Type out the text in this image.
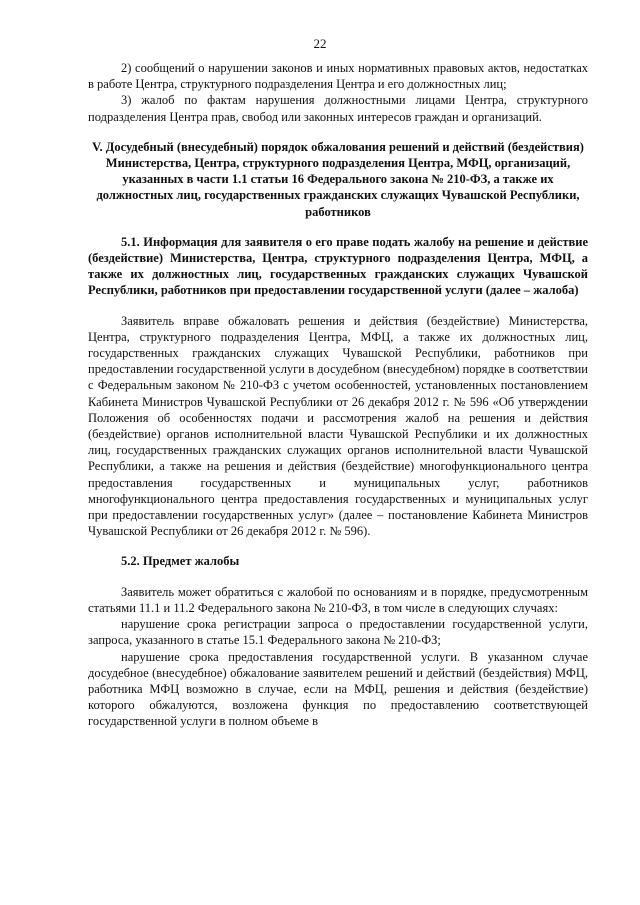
22

2) сообщений о нарушении законов и иных нормативных правовых актов, недостатках в работе Центра, структурного подразделения Центра и его должностных лиц;

3) жалоб по фактам нарушения должностными лицами Центра, структурного подразделения Центра прав, свобод или законных интересов граждан и организаций.

V. Досудебный (внесудебный) порядок обжалования решений и действий (бездействия) Министерства, Центра, структурного подразделения Центра, МФЦ, организаций, указанных в части 1.1 статьи 16 Федерального закона № 210-ФЗ, а также их должностных лиц, государственных гражданских служащих Чувашской Республики, работников

5.1. Информация для заявителя о его праве подать жалобу на решение и действие (бездействие) Министерства, Центра, структурного подразделения Центра, МФЦ, а также их должностных лиц, государственных гражданских служащих Чувашской Республики, работников при предоставлении государственной услуги (далее – жалоба)

Заявитель вправе обжаловать решения и действия (бездействие) Министерства, Центра, структурного подразделения Центра, МФЦ, а также их должностных лиц, государственных гражданских служащих Чувашской Республики, работников при предоставлении государственной услуги в досудебном (внесудебном) порядке в соответствии с Федеральным законом № 210-ФЗ с учетом особенностей, установленных постановлением Кабинета Министров Чувашской Республики от 26 декабря 2012 г. № 596 «Об утверждении Положения об особенностях подачи и рассмотрения жалоб на решения и действия (бездействие) органов исполнительной власти Чувашской Республики и их должностных лиц, государственных гражданских служащих органов исполнительной власти Чувашской Республики, а также на решения и действия (бездействие) многофункционального центра предоставления государственных и муниципальных услуг, работников многофункционального центра предоставления государственных и муниципальных услуг при предоставлении государственных услуг» (далее – постановление Кабинета Министров Чувашской Республики от 26 декабря 2012 г. № 596).

5.2. Предмет жалобы

Заявитель может обратиться с жалобой по основаниям и в порядке, предусмотренным статьями 11.1 и 11.2 Федерального закона № 210-ФЗ, в том числе в следующих случаях:

нарушение срока регистрации запроса о предоставлении государственной услуги, запроса, указанного в статье 15.1 Федерального закона № 210-ФЗ;

нарушение срока предоставления государственной услуги. В указанном случае досудебное (внесудебное) обжалование заявителем решений и действий (бездействия) МФЦ, работника МФЦ возможно в случае, если на МФЦ, решения и действия (бездействие) которого обжалуются, возложена функция по предоставлению соответствующей государственной услуги в полном объеме в
